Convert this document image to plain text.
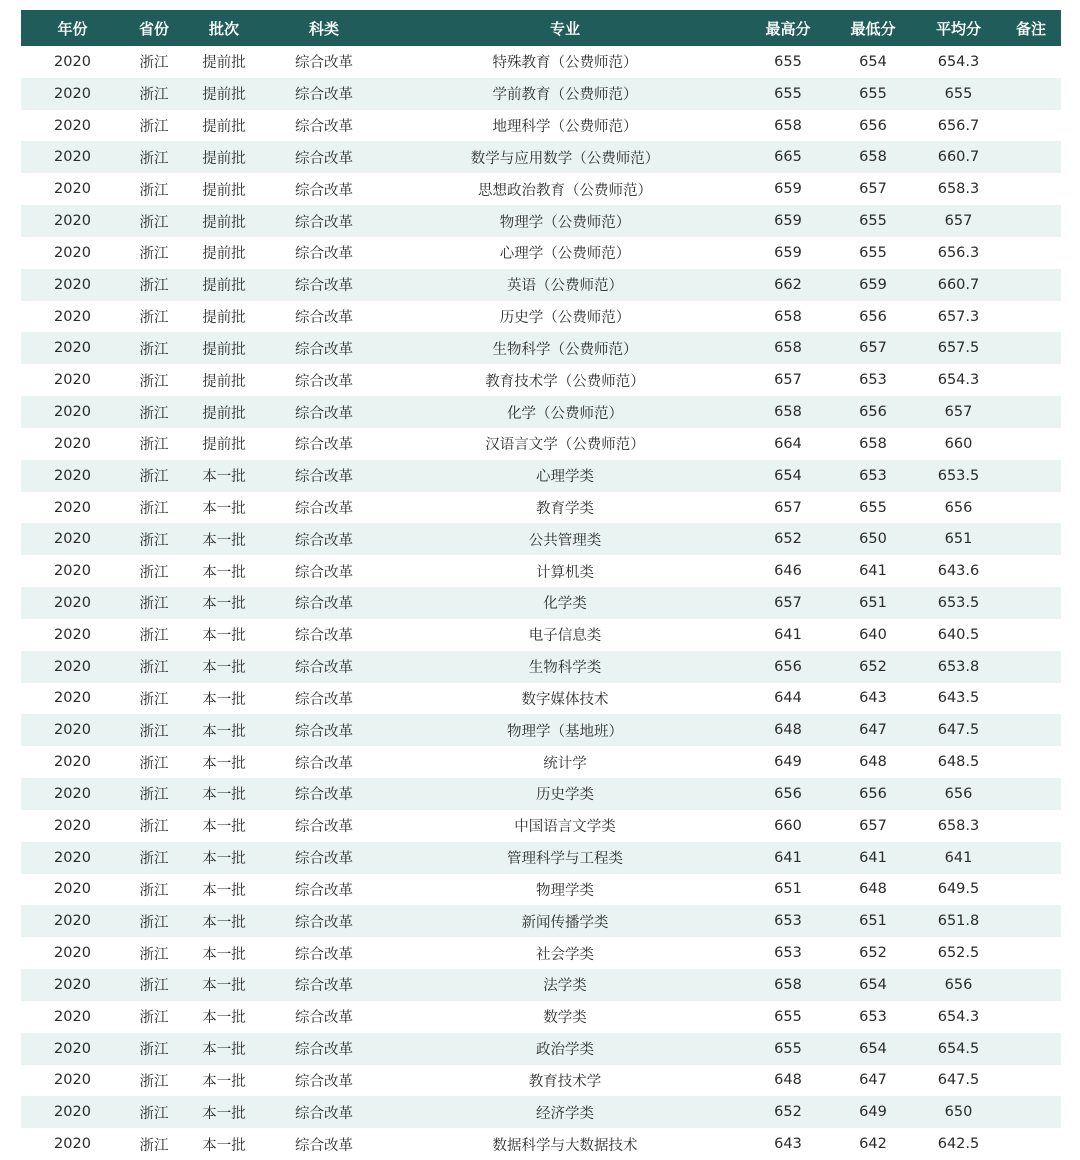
年份	省份	批次	科类	专业	最高分	最低分	平均分	备注
2020	浙江	提前批	综合改革	特殊教育（公费师范）	655	654	654.3	
2020	浙江	提前批	综合改革	学前教育（公费师范）	655	655	655	
2020	浙江	提前批	综合改革	地理科学（公费师范）	658	656	656.7	
2020	浙江	提前批	综合改革	数学与应用数学（公费师范）	665	658	660.7	
2020	浙江	提前批	综合改革	思想政治教育（公费师范）	659	657	658.3	
2020	浙江	提前批	综合改革	物理学（公费师范）	659	655	657	
2020	浙江	提前批	综合改革	心理学（公费师范）	659	655	656.3	
2020	浙江	提前批	综合改革	英语（公费师范）	662	659	660.7	
2020	浙江	提前批	综合改革	历史学（公费师范）	658	656	657.3	
2020	浙江	提前批	综合改革	生物科学（公费师范）	658	657	657.5	
2020	浙江	提前批	综合改革	教育技术学（公费师范）	657	653	654.3	
2020	浙江	提前批	综合改革	化学（公费师范）	658	656	657	
2020	浙江	提前批	综合改革	汉语言文学（公费师范）	664	658	660	
2020	浙江	本一批	综合改革	心理学类	654	653	653.5	
2020	浙江	本一批	综合改革	教育学类	657	655	656	
2020	浙江	本一批	综合改革	公共管理类	652	650	651	
2020	浙江	本一批	综合改革	计算机类	646	641	643.6	
2020	浙江	本一批	综合改革	化学类	657	651	653.5	
2020	浙江	本一批	综合改革	电子信息类	641	640	640.5	
2020	浙江	本一批	综合改革	生物科学类	656	652	653.8	
2020	浙江	本一批	综合改革	数字媒体技术	644	643	643.5	
2020	浙江	本一批	综合改革	物理学（基地班）	648	647	647.5	
2020	浙江	本一批	综合改革	统计学	649	648	648.5	
2020	浙江	本一批	综合改革	历史学类	656	656	656	
2020	浙江	本一批	综合改革	中国语言文学类	660	657	658.3	
2020	浙江	本一批	综合改革	管理科学与工程类	641	641	641	
2020	浙江	本一批	综合改革	物理学类	651	648	649.5	
2020	浙江	本一批	综合改革	新闻传播学类	653	651	651.8	
2020	浙江	本一批	综合改革	社会学类	653	652	652.5	
2020	浙江	本一批	综合改革	法学类	658	654	656	
2020	浙江	本一批	综合改革	数学类	655	653	654.3	
2020	浙江	本一批	综合改革	政治学类	655	654	654.5	
2020	浙江	本一批	综合改革	教育技术学	648	647	647.5	
2020	浙江	本一批	综合改革	经济学类	652	649	650	
2020	浙江	本一批	综合改革	数据科学与大数据技术	643	642	642.5	
